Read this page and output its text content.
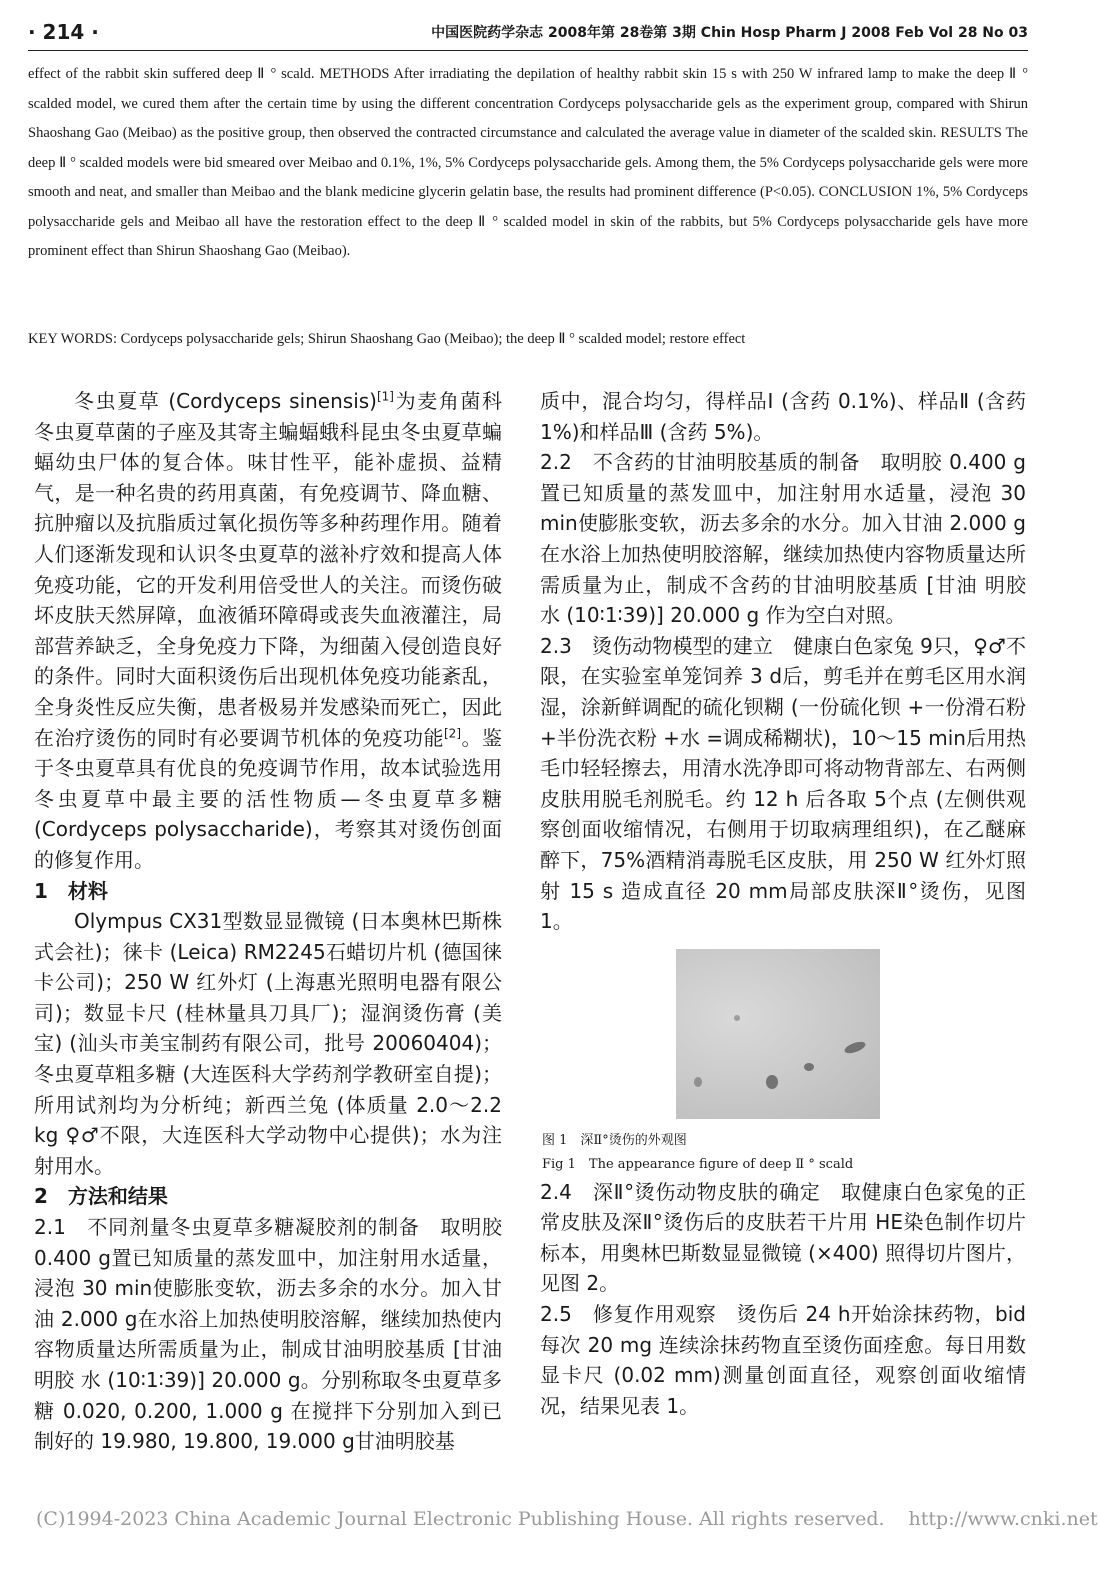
· 214 ·	中国医院药学杂志 2008年第 28卷第 3期 Chin Hosp Pharm J 2008 Feb Vol 28 No 03

effect of the rabbit skin suffered deep Ⅱ ° scald. METHODS After irradiating the depilation of healthy rabbit skin 15 s with 250 W infrared lamp to make the deep Ⅱ ° scalded model, we cured them after the certain time by using the different concentration Cordyceps polysaccharide gels as the experiment group, compared with Shirun Shaoshang Gao (Meibao) as the positive group, then observed the contracted circumstance and calculated the average value in diameter of the scalded skin. RESULTS The deep Ⅱ ° scalded models were bid smeared over Meibao and 0.1%, 1%, 5% Cordyceps polysaccharide gels. Among them, the 5% Cordyceps polysaccharide gels were more smooth and neat, and smaller than Meibao and the blank medicine glycerin gelatin base, the results had prominent difference (P<0.05). CONCLUSION 1%, 5% Cordyceps polysaccharide gels and Meibao all have the restoration effect to the deep Ⅱ ° scalded model in skin of the rabbits, but 5% Cordyceps polysaccharide gels have more prominent effect than Shirun Shaoshang Gao (Meibao).

KEY WORDS: Cordyceps polysaccharide gels; Shirun Shaoshang Gao (Meibao); the deep Ⅱ ° scalded model; restore effect

冬虫夏草 (Cordyceps sinensis)[1]为麦角菌科冬虫夏草菌的子座及其寄主蝙蝠蛾科昆虫冬虫夏草蝙蝠幼虫尸体的复合体。味甘性平，能补虚损、益精气，是一种名贵的药用真菌，有免疫调节、降血糖、抗肿瘤以及抗脂质过氧化损伤等多种药理作用。随着人们逐渐发现和认识冬虫夏草的滋补疗效和提高人体免疫功能，它的开发利用倍受世人的关注。而烫伤破坏皮肤天然屏障，血液循环障碍或丧失血液灌注，局部营养缺乏，全身免疫力下降，为细菌入侵创造良好的条件。同时大面积烫伤后出现机体免疫功能紊乱，全身炎性反应失衡，患者极易并发感染而死亡，因此在治疗烫伤的同时有必要调节机体的免疫功能[2]。鉴于冬虫夏草具有优良的免疫调节作用，故本试验选用冬虫夏草中最主要的活性物质—冬虫夏草多糖 (Cordyceps polysaccharide)，考察其对烫伤创面的修复作用。

1　材料

Olympus CX31型数显显微镜 (日本奥林巴斯株式会社)；徕卡 (Leica) RM2245石蜡切片机 (德国徕卡公司)；250 W 红外灯 (上海惠光照明电器有限公司)；数显卡尺 (桂林量具刀具厂)；湿润烫伤膏 (美宝) (汕头市美宝制药有限公司，批号 20060404)；冬虫夏草粗多糖 (大连医科大学药剂学教研室自提)；所用试剂均为分析纯；新西兰兔 (体质量 2.0～2.2 kg ♀♂不限，大连医科大学动物中心提供)；水为注射用水。

2　方法和结果

2.1　不同剂量冬虫夏草多糖凝胶剂的制备　取明胶 0.400 g置已知质量的蒸发皿中，加注射用水适量，浸泡 30 min使膨胀变软，沥去多余的水分。加入甘油 2.000 g在水浴上加热使明胶溶解，继续加热使内容物质量达所需质量为止，制成甘油明胶基质 [甘油 明胶 水 (10∶1∶39)] 20.000 g。分别称取冬虫夏草多糖 0.020, 0.200, 1.000 g 在搅拌下分别加入到已制好的 19.980, 19.800, 19.000 g甘油明胶基

质中，混合均匀，得样品Ⅰ (含药 0.1%)、样品Ⅱ (含药 1%)和样品Ⅲ (含药 5%)。

2.2　不含药的甘油明胶基质的制备　取明胶 0.400 g置已知质量的蒸发皿中，加注射用水适量，浸泡 30 min使膨胀变软，沥去多余的水分。加入甘油 2.000 g在水浴上加热使明胶溶解，继续加热使内容物质量达所需质量为止，制成不含药的甘油明胶基质 [甘油 明胶 水 (10∶1∶39)] 20.000 g 作为空白对照。

2.3　烫伤动物模型的建立　健康白色家兔 9只，♀♂不限，在实验室单笼饲养 3 d后，剪毛并在剪毛区用水润湿，涂新鲜调配的硫化钡糊 (一份硫化钡 +一份滑石粉 +半份洗衣粉 +水 =调成稀糊状)，10～15 min后用热毛巾轻轻擦去，用清水洗净即可将动物背部左、右两侧皮肤用脱毛剂脱毛。约 12 h 后各取 5个点 (左侧供观察创面收缩情况，右侧用于切取病理组织)，在乙醚麻醉下，75%酒精消毒脱毛区皮肤，用 250 W 红外灯照射 15 s 造成直径 20 mm局部皮肤深Ⅱ°烫伤，见图 1。

图 1　深Ⅱ°烫伤的外观图
Fig 1　The appearance figure of deep Ⅱ ° scald

2.4　深Ⅱ°烫伤动物皮肤的确定　取健康白色家兔的正常皮肤及深Ⅱ°烫伤后的皮肤若干片用 HE染色制作切片标本，用奥林巴斯数显显微镜 (×400) 照得切片图片，见图 2。

2.5　修复作用观察　烫伤后 24 h开始涂抹药物，bid 每次 20 mg 连续涂抹药物直至烫伤面痊愈。每日用数显卡尺 (0.02 mm)测量创面直径，观察创面收缩情况，结果见表 1。

(C)1994-2023 China Academic Journal Electronic Publishing House. All rights reserved. http://www.cnki.net
